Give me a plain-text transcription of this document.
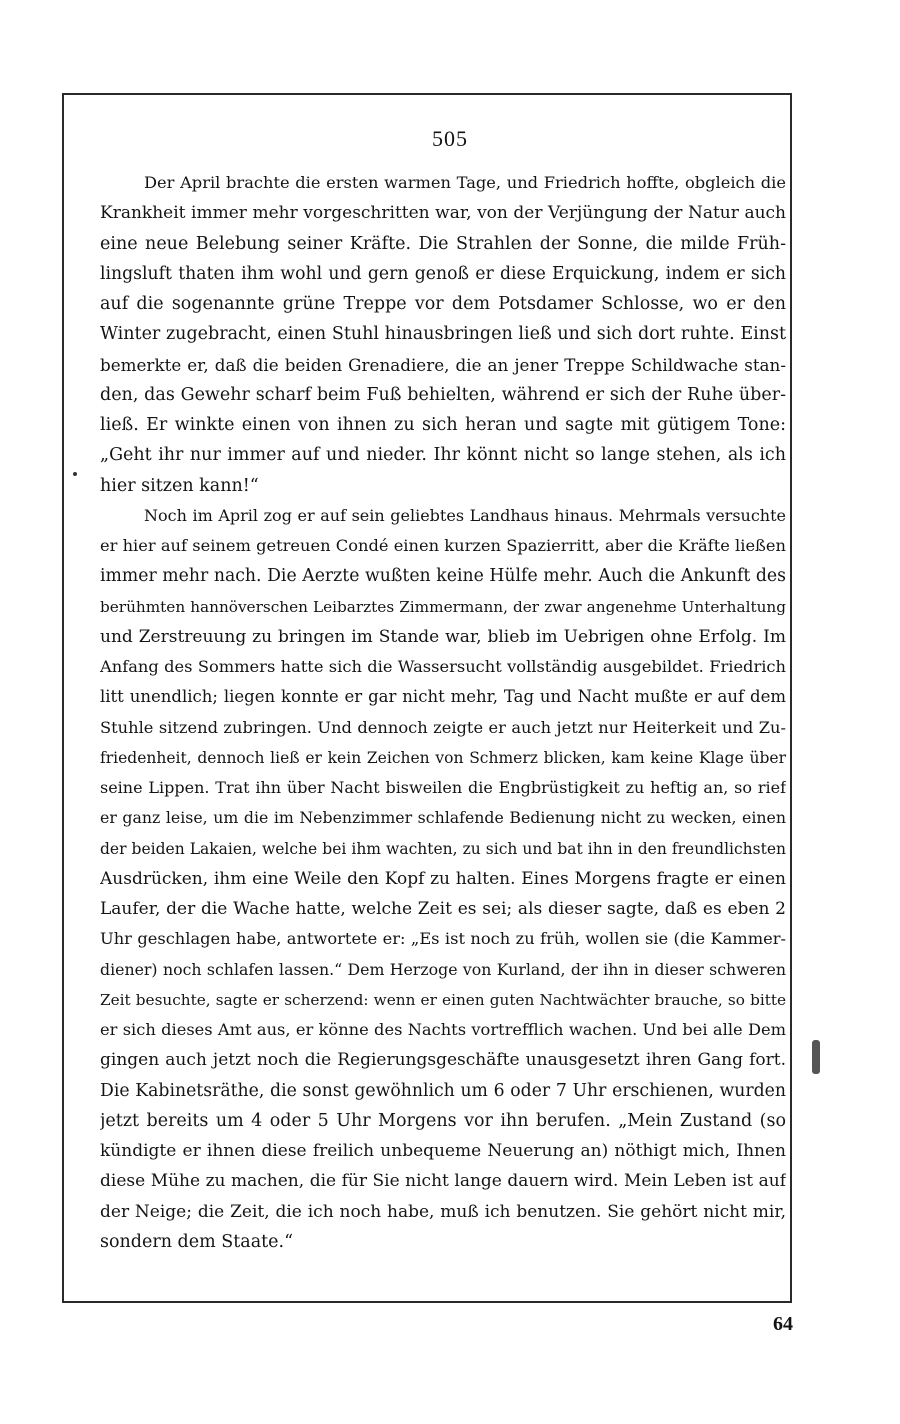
505
Der April brachte die ersten warmen Tage, und Friedrich hoffte, obgleich die
Krankheit immer mehr vorgeschritten war, von der Verjüngung der Natur auch
eine neue Belebung seiner Kräfte. Die Strahlen der Sonne, die milde Früh-
lingsluft thaten ihm wohl und gern genoß er diese Erquickung, indem er sich
auf die sogenannte grüne Treppe vor dem Potsdamer Schlosse, wo er den
Winter zugebracht, einen Stuhl hinausbringen ließ und sich dort ruhte. Einst
bemerkte er, daß die beiden Grenadiere, die an jener Treppe Schildwache stan-
den, das Gewehr scharf beim Fuß behielten, während er sich der Ruhe über-
ließ. Er winkte einen von ihnen zu sich heran und sagte mit gütigem Tone:
„Geht ihr nur immer auf und nieder. Ihr könnt nicht so lange stehen, als ich
hier sitzen kann!“
Noch im April zog er auf sein geliebtes Landhaus hinaus. Mehrmals versuchte
er hier auf seinem getreuen Condé einen kurzen Spazierritt, aber die Kräfte ließen
immer mehr nach. Die Aerzte wußten keine Hülfe mehr. Auch die Ankunft des
berühmten hannöverschen Leibarztes Zimmermann, der zwar angenehme Unterhaltung
und Zerstreuung zu bringen im Stande war, blieb im Uebrigen ohne Erfolg. Im
Anfang des Sommers hatte sich die Wassersucht vollständig ausgebildet. Friedrich
litt unendlich; liegen konnte er gar nicht mehr, Tag und Nacht mußte er auf dem
Stuhle sitzend zubringen. Und dennoch zeigte er auch jetzt nur Heiterkeit und Zu-
friedenheit, dennoch ließ er kein Zeichen von Schmerz blicken, kam keine Klage über
seine Lippen. Trat ihn über Nacht bisweilen die Engbrüstigkeit zu heftig an, so rief
er ganz leise, um die im Nebenzimmer schlafende Bedienung nicht zu wecken, einen
der beiden Lakaien, welche bei ihm wachten, zu sich und bat ihn in den freundlichsten
Ausdrücken, ihm eine Weile den Kopf zu halten. Eines Morgens fragte er einen
Laufer, der die Wache hatte, welche Zeit es sei; als dieser sagte, daß es eben 2
Uhr geschlagen habe, antwortete er: „Es ist noch zu früh, wollen sie (die Kammer-
diener) noch schlafen lassen.“ Dem Herzoge von Kurland, der ihn in dieser schweren
Zeit besuchte, sagte er scherzend: wenn er einen guten Nachtwächter brauche, so bitte
er sich dieses Amt aus, er könne des Nachts vortrefflich wachen. Und bei alle Dem
gingen auch jetzt noch die Regierungsgeschäfte unausgesetzt ihren Gang fort.
Die Kabinetsräthe, die sonst gewöhnlich um 6 oder 7 Uhr erschienen, wurden
jetzt bereits um 4 oder 5 Uhr Morgens vor ihn berufen. „Mein Zustand (so
kündigte er ihnen diese freilich unbequeme Neuerung an) nöthigt mich, Ihnen
diese Mühe zu machen, die für Sie nicht lange dauern wird. Mein Leben ist auf
der Neige; die Zeit, die ich noch habe, muß ich benutzen. Sie gehört nicht mir,
sondern dem Staate.“
64
